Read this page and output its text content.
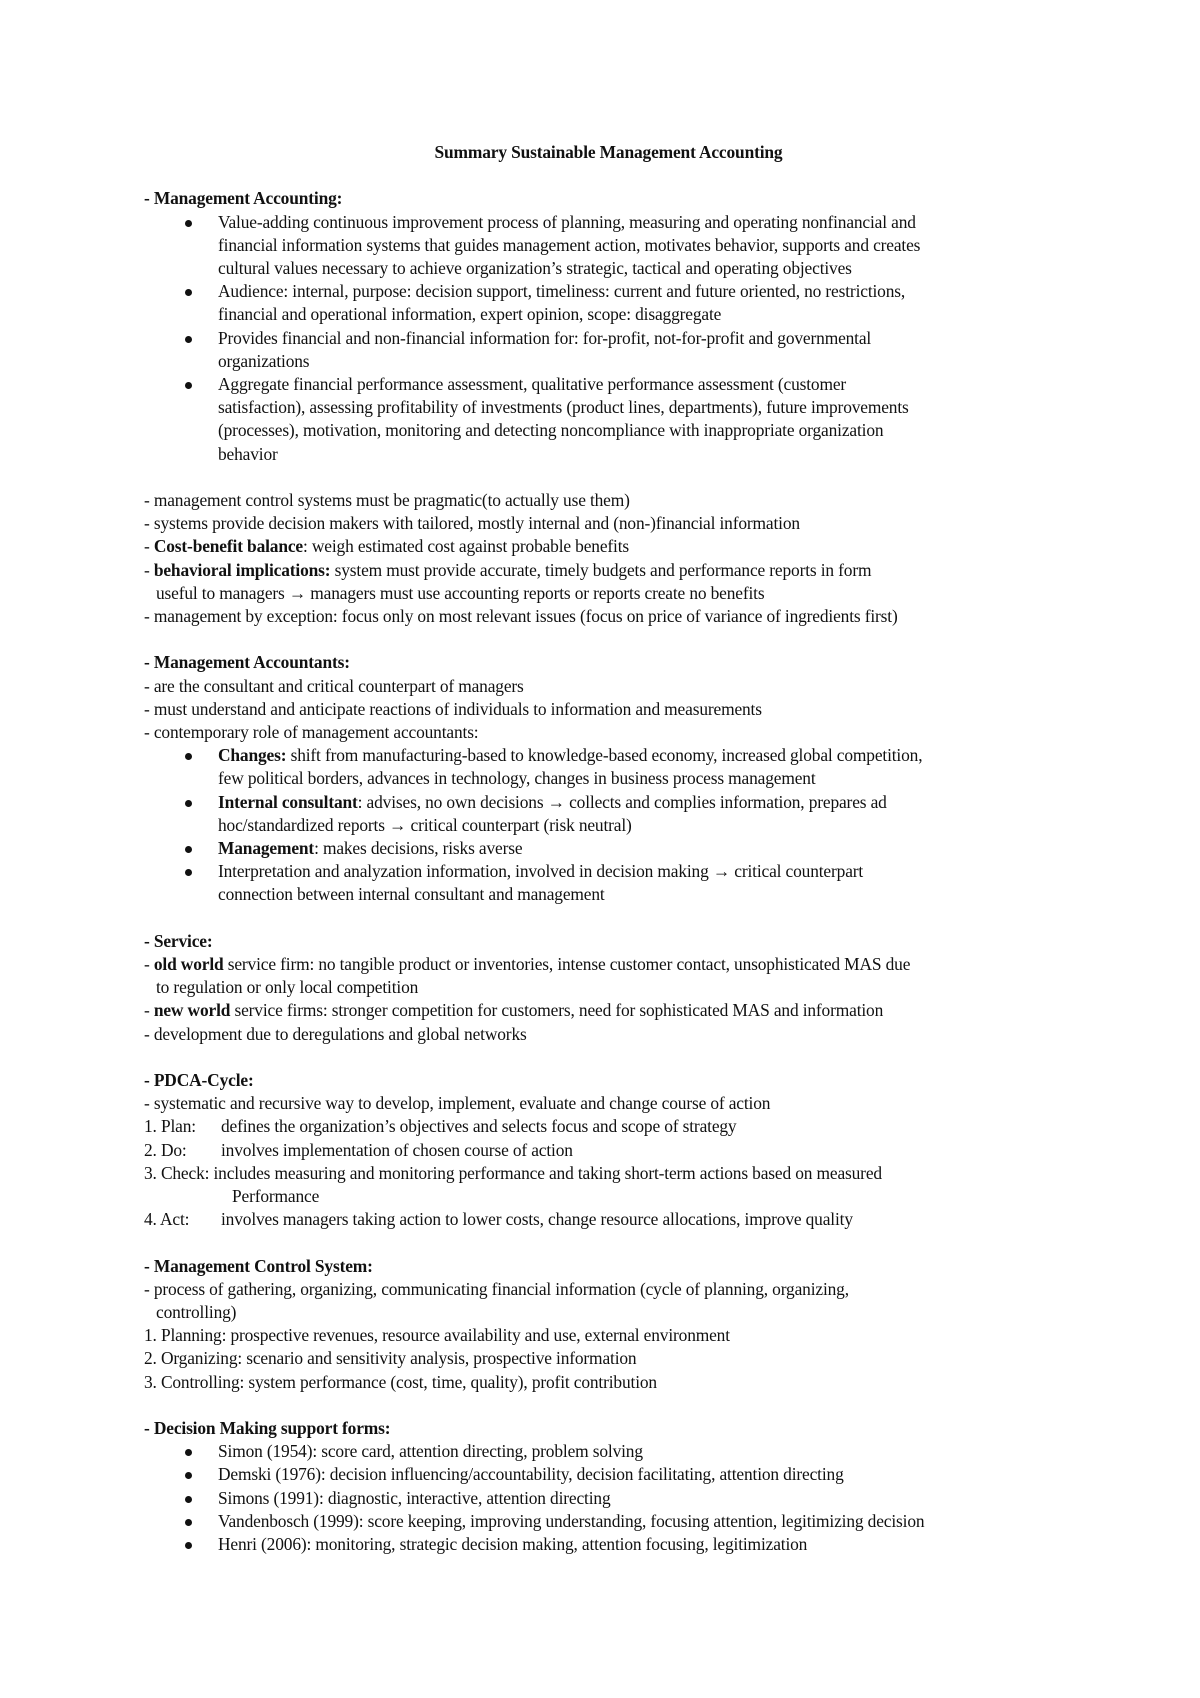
Summary Sustainable Management Accounting

- Management Accounting:

Value-adding continuous improvement process of planning, measuring and operating nonfinancial and
financial information systems that guides management action, motivates behavior, supports and creates
cultural values necessary to achieve organization’s strategic, tactical and operating objectives
Audience: internal, purpose: decision support, timeliness: current and future oriented, no restrictions,
financial and operational information, expert opinion, scope: disaggregate
Provides financial and non-financial information for: for-profit, not-for-profit and governmental
organizations
Aggregate financial performance assessment, qualitative performance assessment (customer
satisfaction), assessing profitability of investments (product lines, departments), future improvements
(processes), motivation, monitoring and detecting noncompliance with inappropriate organization
behavior

- management control systems must be pragmatic(to actually use them)

- systems provide decision makers with tailored, mostly internal and (non-)financial information

- Cost-benefit balance: weigh estimated cost against probable benefits

- behavioral implications: system must provide accurate, timely budgets and performance reports in form

useful to managers → managers must use accounting reports or reports create no benefits

- management by exception: focus only on most relevant issues (focus on price of variance of ingredients first)

- Management Accountants:

- are the consultant and critical counterpart of managers

- must understand and anticipate reactions of individuals to information and measurements

- contemporary role of management accountants:

Changes: shift from manufacturing-based to knowledge-based economy, increased global competition,
few political borders, advances in technology, changes in business process management
Internal consultant: advises, no own decisions → collects and complies information, prepares ad
hoc/standardized reports → critical counterpart (risk neutral)
Management: makes decisions, risks averse
Interpretation and analyzation information, involved in decision making → critical counterpart
connection between internal consultant and management

- Service:

- old world service firm: no tangible product or inventories, intense customer contact, unsophisticated MAS due

to regulation or only local competition

- new world service firms: stronger competition for customers, need for sophisticated MAS and information

- development due to deregulations and global networks

- PDCA-Cycle:

- systematic and recursive way to develop, implement, evaluate and change course of action

1. Plan: defines the organization’s objectives and selects focus and scope of strategy

2. Do: involves implementation of chosen course of action

3. Check: includes measuring and monitoring performance and taking short-term actions based on measured

Performance

4. Act: involves managers taking action to lower costs, change resource allocations, improve quality

- Management Control System:

- process of gathering, organizing, communicating financial information (cycle of planning, organizing,

controlling)

1. Planning: prospective revenues, resource availability and use, external environment

2. Organizing: scenario and sensitivity analysis, prospective information

3. Controlling: system performance (cost, time, quality), profit contribution

- Decision Making support forms:

Simon (1954): score card, attention directing, problem solving
Demski (1976): decision influencing/accountability, decision facilitating, attention directing
Simons (1991): diagnostic, interactive, attention directing
Vandenbosch (1999): score keeping, improving understanding, focusing attention, legitimizing decision
Henri (2006): monitoring, strategic decision making, attention focusing, legitimization
